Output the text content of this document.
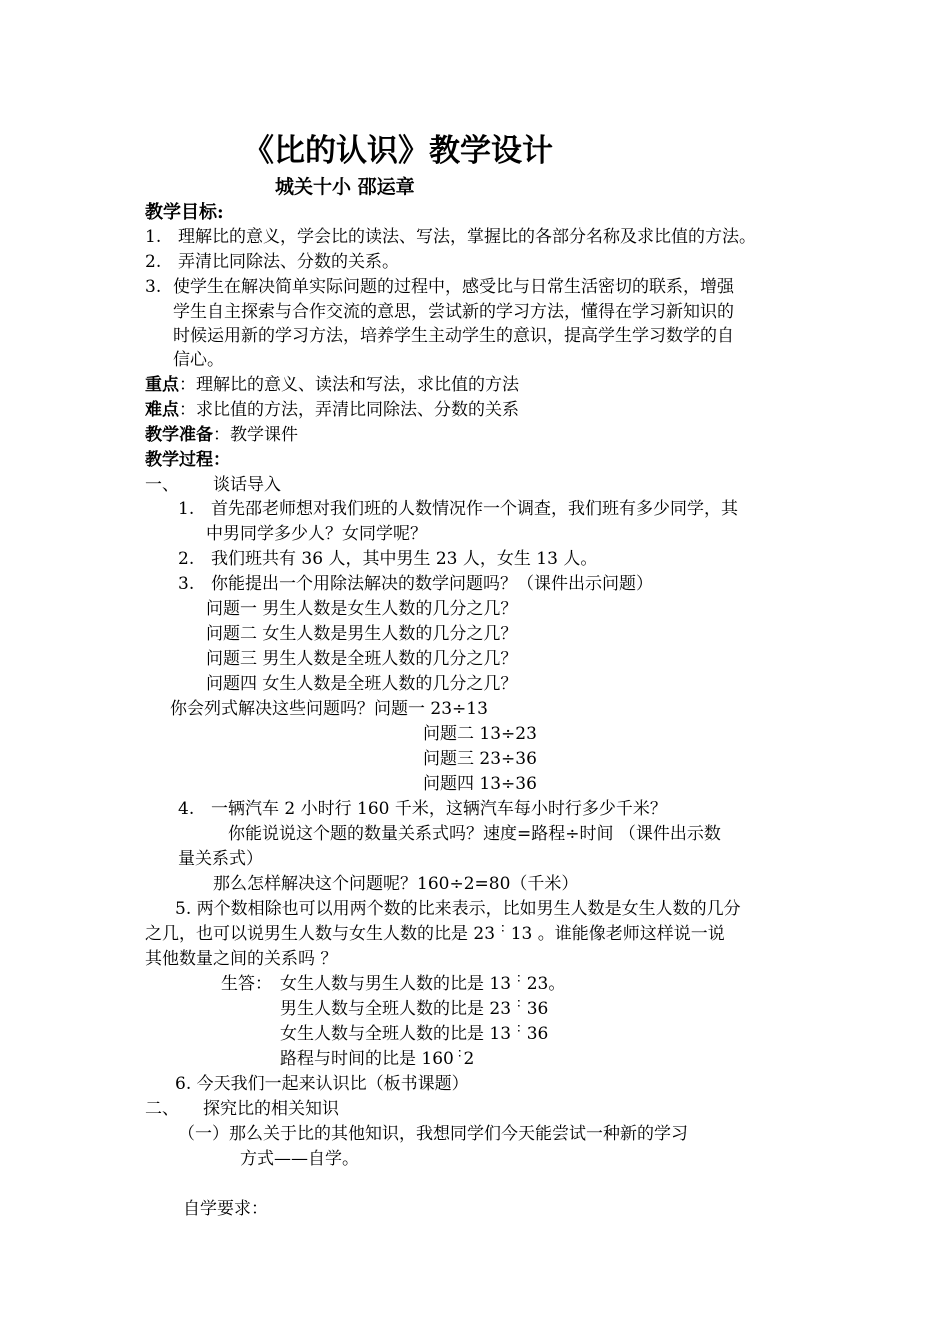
《比的认识》教学设计
城关十小 邵运章
教学目标:
1. 理解比的意义，学会比的读法、写法，掌握比的各部分名称及求比值的方法。
2. 弄清比同除法、分数的关系。
3. 使学生在解决简单实际问题的过程中，感受比与日常生活密切的联系，增强
学生自主探索与合作交流的意思，尝试新的学习方法，懂得在学习新知识的
时候运用新的学习方法，培养学生主动学生的意识，提高学生学习数学的自
信心。
重点：理解比的意义、读法和写法，求比值的方法
难点：求比值的方法，弄清比同除法、分数的关系
教学准备：教学课件
教学过程：
一、 谈话导入
1. 首先邵老师想对我们班的人数情况作一个调查，我们班有多少同学，其
中男同学多少人？女同学呢？
2. 我们班共有 36 人，其中男生 23 人，女生 13 人。
3. 你能提出一个用除法解决的数学问题吗？（课件出示问题）
问题一 男生人数是女生人数的几分之几？
问题二 女生人数是男生人数的几分之几？
问题三 男生人数是全班人数的几分之几？
问题四 女生人数是全班人数的几分之几？
你会列式解决这些问题吗？问题一 23÷13
问题二 13÷23
问题三 23÷36
问题四 13÷36
4. 一辆汽车 2 小时行 160 千米，这辆汽车每小时行多少千米？
你能说说这个题的数量关系式吗？速度=路程÷时间 （课件出示数
量关系式）
那么怎样解决这个问题呢？160÷2=80（千米）
5. 两个数相除也可以用两个数的比来表示，比如男生人数是女生人数的几分
之几，也可以说男生人数与女生人数的比是 23 ∶ 13 。谁能像老师这样说一说
其他数量之间的关系吗 ？
生答： 女生人数与男生人数的比是 13 ∶ 23。
男生人数与全班人数的比是 23 ∶ 36
女生人数与全班人数的比是 13 ∶ 36
路程与时间的比是 160 ∶ 2
6. 今天我们一起来认识比（板书课题）
二、 探究比的相关知识
（一）那么关于比的其他知识，我想同学们今天能尝试一种新的学习
方式——自学。
自学要求：
